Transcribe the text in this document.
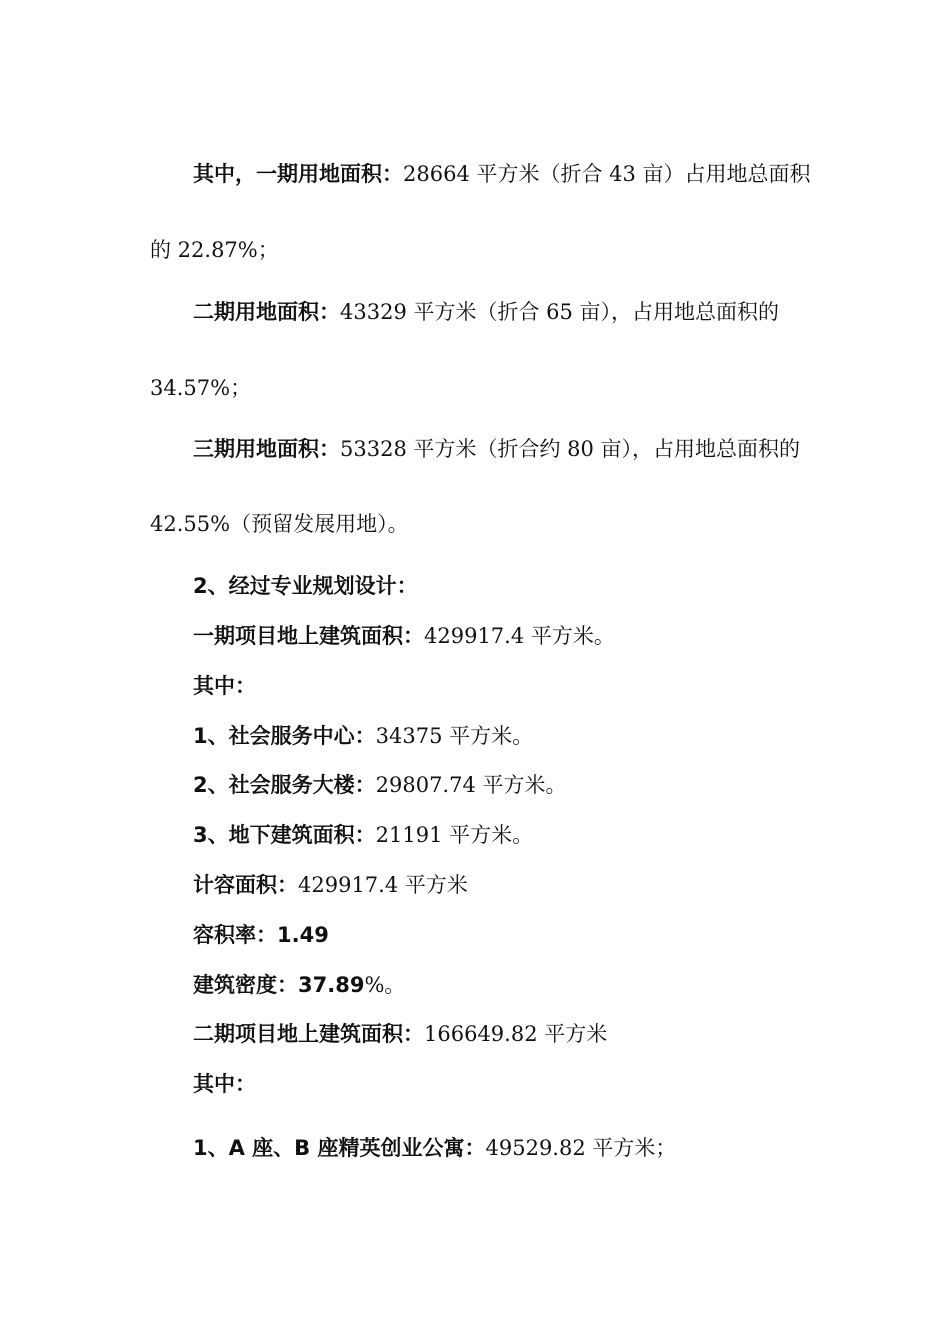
其中，一期用地面积：28664 平方米（折合 43 亩）占用地总面积
的 22.87%；
二期用地面积：43329 平方米（折合 65 亩），占用地总面积的
34.57%；
三期用地面积：53328 平方米（折合约 80 亩），占用地总面积的
42.55%（预留发展用地）。
2、经过专业规划设计：
一期项目地上建筑面积：429917.4 平方米。
其中：
1、社会服务中心：34375 平方米。
2、社会服务大楼：29807.74 平方米。
3、地下建筑面积：21191 平方米。
计容面积：429917.4 平方米
容积率：1.49
建筑密度：37.89%。
二期项目地上建筑面积：166649.82 平方米
其中：
1、A 座、B 座精英创业公寓：49529.82 平方米；
